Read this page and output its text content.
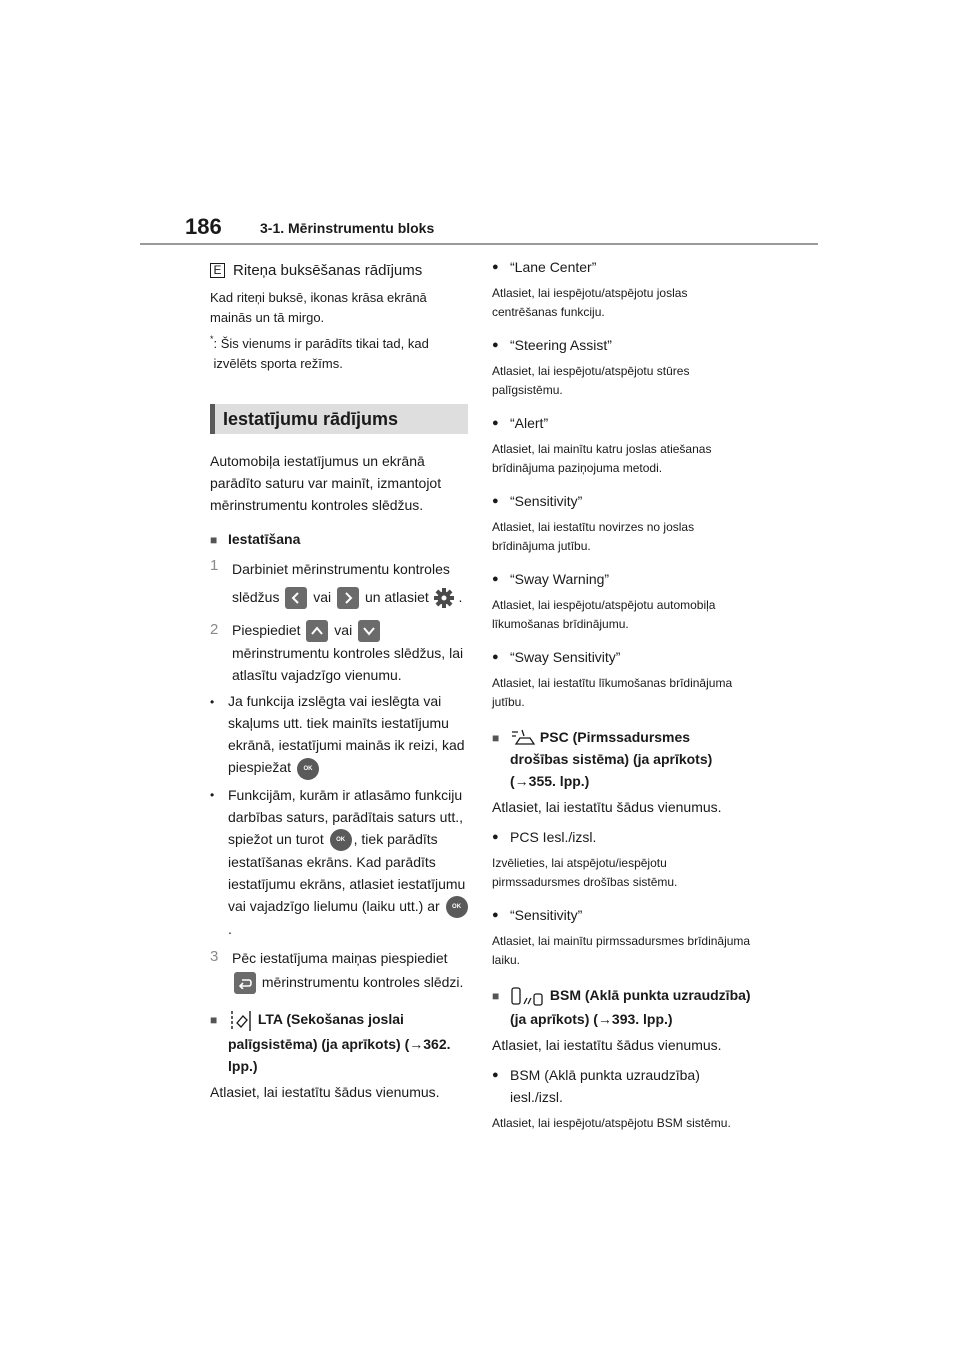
186	3-1. Mērinstrumentu bloks
E Riteņa buksēšanas rādījums

Kad riteņi buksē, ikonas krāsa ekrānā mainās un tā mirgo.

* : Šis vienums ir parādīts tikai tad, kad izvēlēts sporta režīms.

Iestatījumu rādījums

Automobiļa iestatījumus un ekrānā parādīto saturu var mainīt, izmantojot mērinstrumentu kontroles slēdžus.

■ Iestatīšana
1 Darbiniet mērinstrumentu kontroles slēdžus vai un atlasiet .
2 Piespiediet vai
mērinstrumentu kontroles slēdžus, lai atlasītu vajadzīgo vienumu.
• Ja funkcija izslēgta vai ieslēgta vai skaļums utt. tiek mainīts iestatījumu ekrānā, iestatījumi mainās ik reizi, kad piespiežat OK
• Funkcijām, kurām ir atlasāmo funkciju darbības saturs, parādītais saturs utt., spiežot un turot OK , tiek parādīts iestatīšanas ekrāns. Kad parādīts iestatījumu ekrāns, atlasiet iestatījumu vai vajadzīgo lielumu (laiku utt.) ar OK.
3 Pēc iestatījuma maiņas piespiediet
mērinstrumentu kontroles slēdzi.
■	LTA (Sekošanas joslai palīgsistēma) (ja aprīkots) (→362. lpp.)

Atlasiet, lai iestatītu šādus vienumus.

● “Lane Center”

Atlasiet, lai iespējotu/atspējotu joslas centrēšanas funkciju.

● “Steering Assist”

Atlasiet, lai iespējotu/atspējotu stūres palīgsistēmu.

● “Alert”

Atlasiet, lai mainītu katru joslas atiešanas brīdinājuma paziņojuma metodi.

● “Sensitivity”

Atlasiet, lai iestatītu novirzes no joslas brīdinājuma jutību.

● “Sway Warning”

Atlasiet, lai iespējotu/atspējotu automobiļa līkumošanas brīdinājumu.

● “Sway Sensitivity”

Atlasiet, lai iestatītu līkumošanas brīdinājuma jutību.

■	PSC (Pirmssadursmes drošības sistēma) (ja aprīkots) (→355. lpp.)

Atlasiet, lai iestatītu šādus vienumus.

● PCS Iesl./izsl.

Izvēlieties, lai atspējotu/iespējotu pirmssadursmes drošības sistēmu.

● “Sensitivity”

Atlasiet, lai mainītu pirmssadursmes brīdinājuma laiku.

■	BSM (Aklā punkta uzraudzība) (ja aprīkots) (→393. lpp.)

Atlasiet, lai iestatītu šādus vienumus.

● BSM (Aklā punkta uzraudzība) iesl./izsl.

Atlasiet, lai iespējotu/atspējotu BSM sistēmu.
